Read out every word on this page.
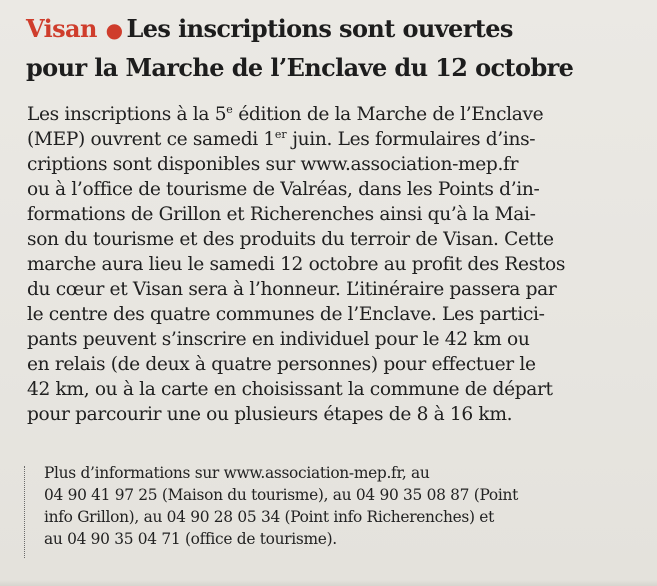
Visan ● Les inscriptions sont ouvertes
pour la Marche de l’Enclave du 12 octobre
Les inscriptions à la 5e édition de la Marche de l’Enclave
(MEP) ouvrent ce samedi 1er juin. Les formulaires d’ins-
criptions sont disponibles sur www.association-mep.fr
ou à l’office de tourisme de Valréas, dans les Points d’in-
formations de Grillon et Richerenches ainsi qu’à la Mai-
son du tourisme et des produits du terroir de Visan. Cette
marche aura lieu le samedi 12 octobre au profit des Restos
du cœur et Visan sera à l’honneur. L’itinéraire passera par
le centre des quatre communes de l’Enclave. Les partici-
pants peuvent s’inscrire en individuel pour le 42 km ou
en relais (de deux à quatre personnes) pour effectuer le
42 km, ou à la carte en choisissant la commune de départ
pour parcourir une ou plusieurs étapes de 8 à 16 km.
Plus d’informations sur www.association-mep.fr, au
04 90 41 97 25 (Maison du tourisme), au 04 90 35 08 87 (Point
info Grillon), au 04 90 28 05 34 (Point info Richerenches) et
au 04 90 35 04 71 (office de tourisme).
